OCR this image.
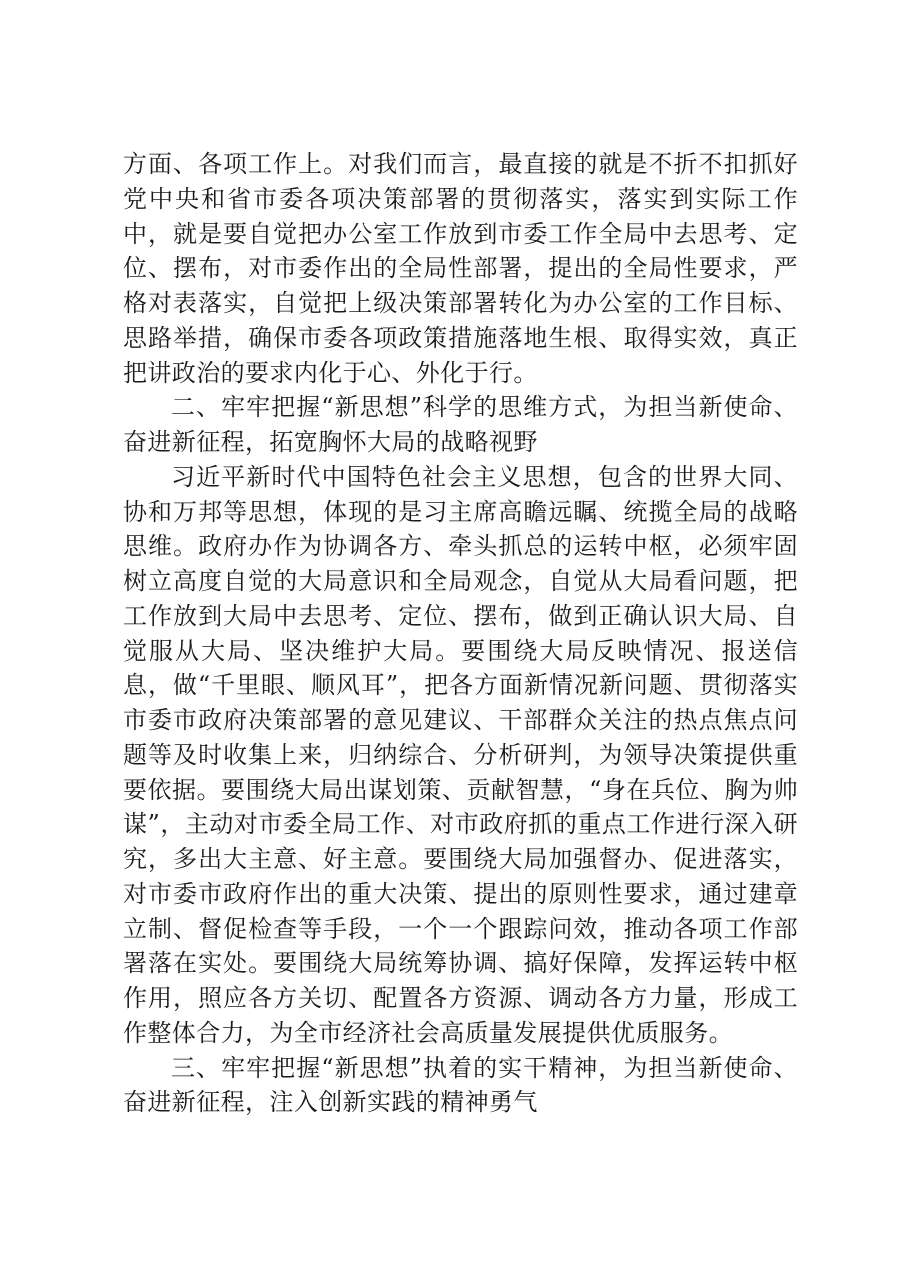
方面、各项工作上。对我们而言，最直接的就是不折不扣抓好党中央和省市委各项决策部署的贯彻落实，落实到实际工作中，就是要自觉把办公室工作放到市委工作全局中去思考、定位、摆布，对市委作出的全局性部署，提出的全局性要求，严格对表落实，自觉把上级决策部署转化为办公室的工作目标、思路举措，确保市委各项政策措施落地生根、取得实效，真正把讲政治的要求内化于心、外化于行。

二、牢牢把握“新思想”科学的思维方式，为担当新使命、奋进新征程，拓宽胸怀大局的战略视野

习近平新时代中国特色社会主义思想，包含的世界大同、协和万邦等思想，体现的是习主席高瞻远瞩、统揽全局的战略思维。政府办作为协调各方、牵头抓总的运转中枢，必须牢固树立高度自觉的大局意识和全局观念，自觉从大局看问题，把工作放到大局中去思考、定位、摆布，做到正确认识大局、自觉服从大局、坚决维护大局。要围绕大局反映情况、报送信息，做“千里眼、顺风耳”，把各方面新情况新问题、贯彻落实市委市政府决策部署的意见建议、干部群众关注的热点焦点问题等及时收集上来，归纳综合、分析研判，为领导决策提供重要依据。要围绕大局出谋划策、贡献智慧，“身在兵位、胸为帅谋”，主动对市委全局工作、对市政府抓的重点工作进行深入研究，多出大主意、好主意。要围绕大局加强督办、促进落实，对市委市政府作出的重大决策、提出的原则性要求，通过建章立制、督促检查等手段，一个一个跟踪问效，推动各项工作部署落在实处。要围绕大局统筹协调、搞好保障，发挥运转中枢作用，照应各方关切、配置各方资源、调动各方力量，形成工作整体合力，为全市经济社会高质量发展提供优质服务。

三、牢牢把握“新思想”执着的实干精神，为担当新使命、奋进新征程，注入创新实践的精神勇气
